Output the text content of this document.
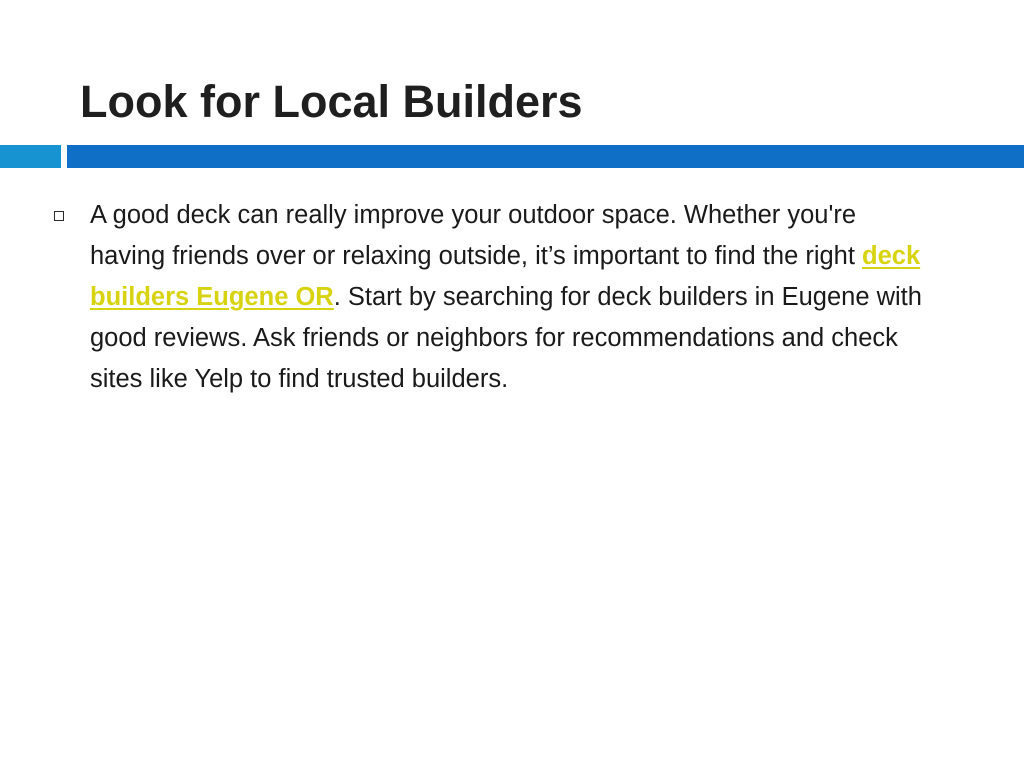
Look for Local Builders
A good deck can really improve your outdoor space. Whether you're having friends over or relaxing outside, it’s important to find the right deck builders Eugene OR. Start by searching for deck builders in Eugene with good reviews. Ask friends or neighbors for recommendations and check sites like Yelp to find trusted builders.
